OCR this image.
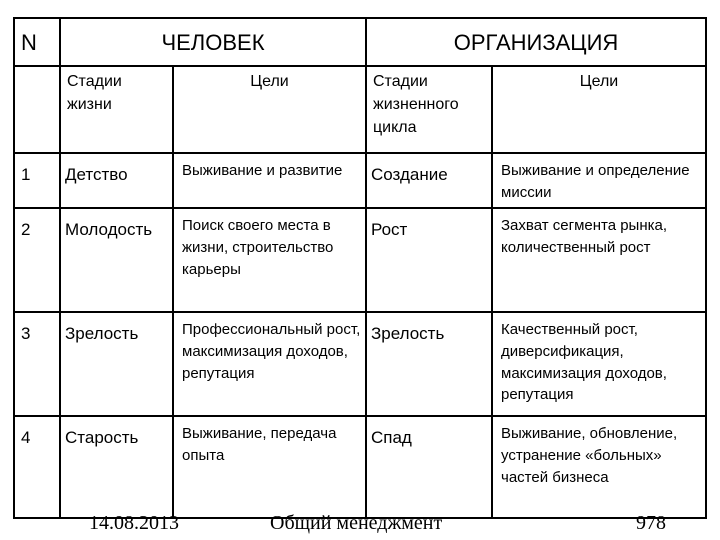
N	ЧЕЛОВЕК		ОРГАНИЗАЦИЯ	
	Стадии жизни	Цели	Стадии жизненного цикла	Цели
1	Детство	Выживание и развитие	Создание	Выживание и определение миссии
2	Молодость	Поиск своего места в жизни, строительство карьеры	Рост	Захват сегмента рынка, количественный рост
3	Зрелость	Профессиональный рост, максимизация доходов, репутация	Зрелость	Качественный рост, диверсификация, максимизация доходов, репутация
4	Старость	Выживание, передача опыта	Спад	Выживание, обновление, устранение «больных» частей бизнеса
14.08.2013	Общий менеджмент	978
